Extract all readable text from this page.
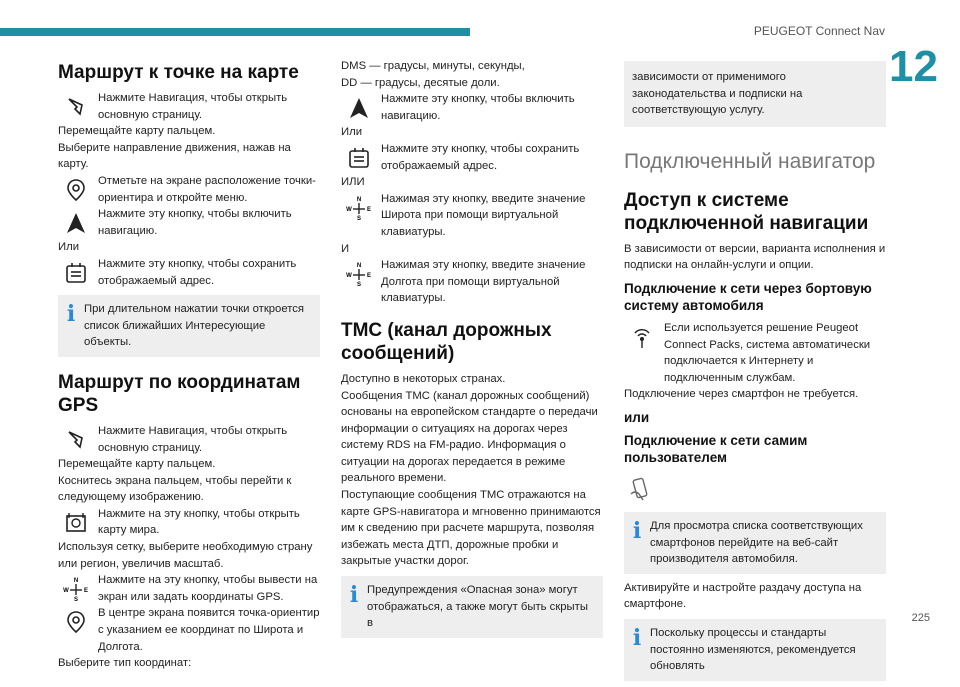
PEUGEOT Connect Nav
12
Маршрут к точке на карте
Нажмите Навигация, чтобы открыть основную страницу.

Перемещайте карту пальцем.

Выберите направление движения, нажав на карту.

Отметьте на экране расположение точки-ориентира и откройте меню.
Нажмите эту кнопку, чтобы включить навигацию.

Или

Нажмите эту кнопку, чтобы сохранить отображаемый адрес.
i При длительном нажатии точки откроется список ближайших Интересующие объекты.
Маршрут по координатам GPS
Нажмите Навигация, чтобы открыть основную страницу.

Перемещайте карту пальцем.

Коснитесь экрана пальцем, чтобы перейти к следующему изображению.

Нажмите на эту кнопку, чтобы открыть карту мира.

Используя сетку, выберите необходимую страну или регион, увеличив масштаб.

N
S
W	E
Нажмите на эту кнопку, чтобы вывести на экран или задать координаты GPS.
В центре экрана появится точка-ориентир с указанием ее координат по Широта и Долгота.

Выберите тип координат:

DMS — градусы, минуты, секунды,

DD — градусы, десятые доли.

Нажмите эту кнопку, чтобы включить навигацию.

Или

Нажмите эту кнопку, чтобы сохранить отображаемый адрес.

ИЛИ

N
S
W	E
Нажимая эту кнопку, введите значение Широта при помощи виртуальной клавиатуры.

И

N
S
W	E
Нажимая эту кнопку, введите значение Долгота при помощи виртуальной клавиатуры.
TMC (канал дорожных сообщений)

Доступно в некоторых странах.

Сообщения TMC (канал дорожных сообщений) основаны на европейском стандарте о передачи информации о ситуациях на дорогах через систему RDS на FM-радио. Информация о ситуации на дорогах передается в режиме реального времени.

Поступающие сообщения TMC отражаются на карте GPS-навигатора и мгновенно принимаются им к сведению при расчете маршрута, позволяя избежать места ДТП, дорожные пробки и закрытые участки дорог.

i Предупреждения «Опасная зона» могут отображаться, а также могут быть скрыты в
зависимости от применимого законодательства и подписки на соответствующую услугу.
Подключенный навигатор
Доступ к системе подключенной навигации

В зависимости от версии, варианта исполнения и подписки на онлайн-услуги и опции.

Подключение к сети через бортовую систему автомобиля
Если используется решение Peugeot Connect Packs, система автоматически подключается к Интернету и подключенным службам.

Подключение через смартфон не требуется.

или
Подключение к сети самим пользователем
i Для просмотра списка соответствующих смартфонов перейдите на веб-сайт производителя автомобиля.

Активируйте и настройте раздачу доступа на смартфоне.

i Поскольку процессы и стандарты постоянно изменяются, рекомендуется обновлять
225
